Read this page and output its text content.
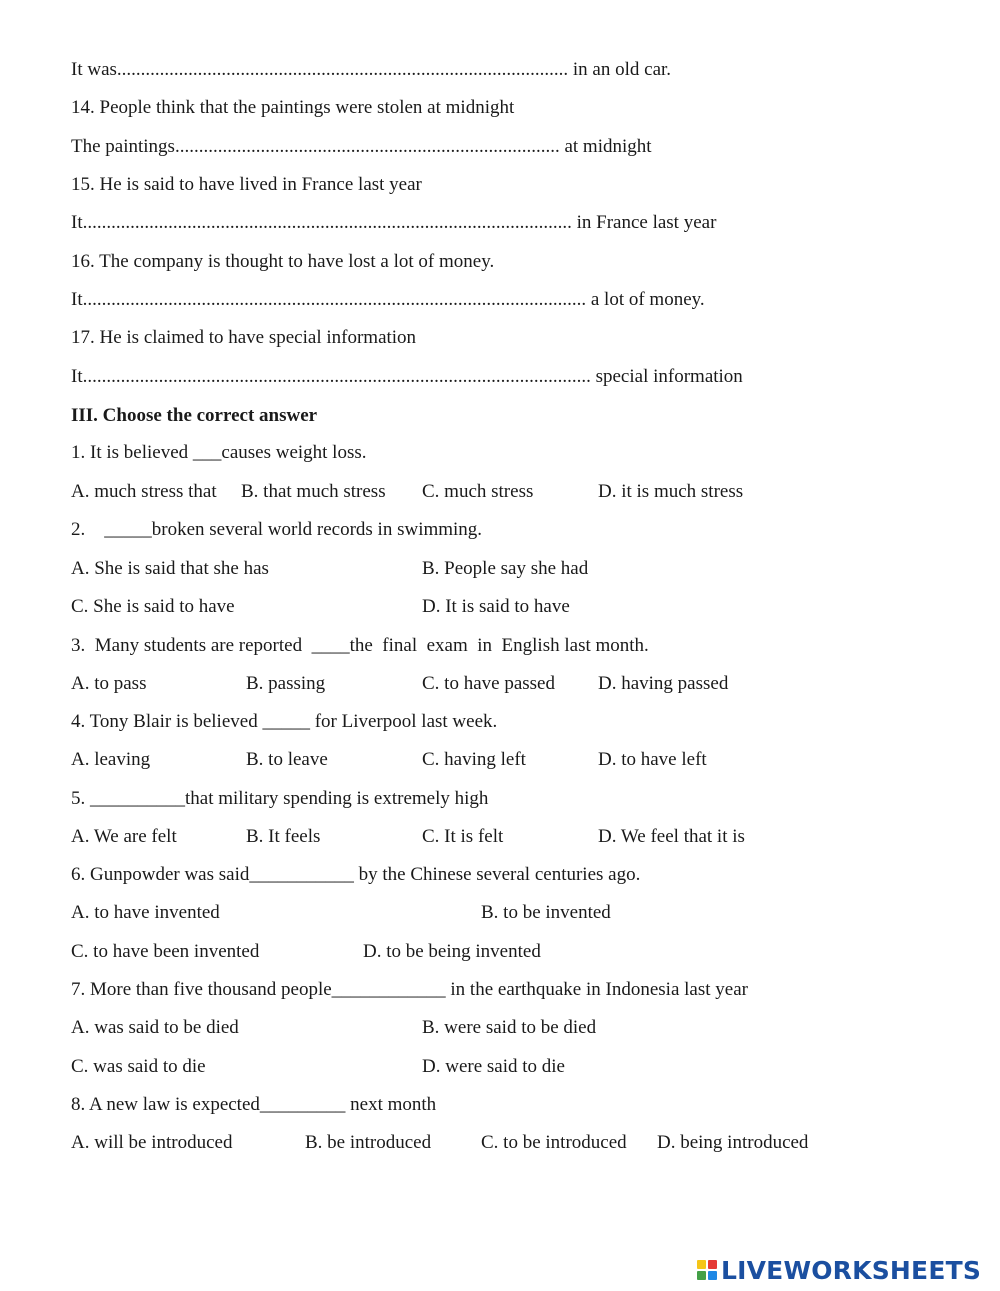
It was............................................................................................... in an old car.
14. People think that the paintings were stolen at midnight
The paintings................................................................................. at midnight
15. He is said to have lived in France last year
It....................................................................................................... in France last year
16. The company is thought to have lost a lot of money.
It.......................................................................................................... a lot of money.
17. He is claimed to have special information
It........................................................................................................... special information
III. Choose the correct answer
1. It is believed ___causes weight loss.
A. much stress that B. that much stress C. much stress	D. it is much stress
2.    _____broken several world records in swimming.
A. She is said that she has	B. People say she had
C. She is said to have	D. It is said to have
3.  Many students are reported  ____the  final  exam  in  English last month.
A. to pass	B. passing	C. to have passed D. having passed
4. Tony Blair is believed _____ for Liverpool last week.
A. leaving	B. to leave	C. having left	D. to have left
5. __________that military spending is extremely high
A. We are felt	B. It feels	C. It is felt	D. We feel that it is
6. Gunpowder was said___________ by the Chinese several centuries ago.
A. to have invented	B. to be invented
C. to have been invented	D. to be being invented
7. More than five thousand people____________ in the earthquake in Indonesia last year
A. was said to be died	B. were said to be died
C. was said to die	D. were said to die
8. A new law is expected_________ next month
A. will be introduced	B. be introduced	C. to be introduced D. being introduced
LIVEWORKSHEETS
